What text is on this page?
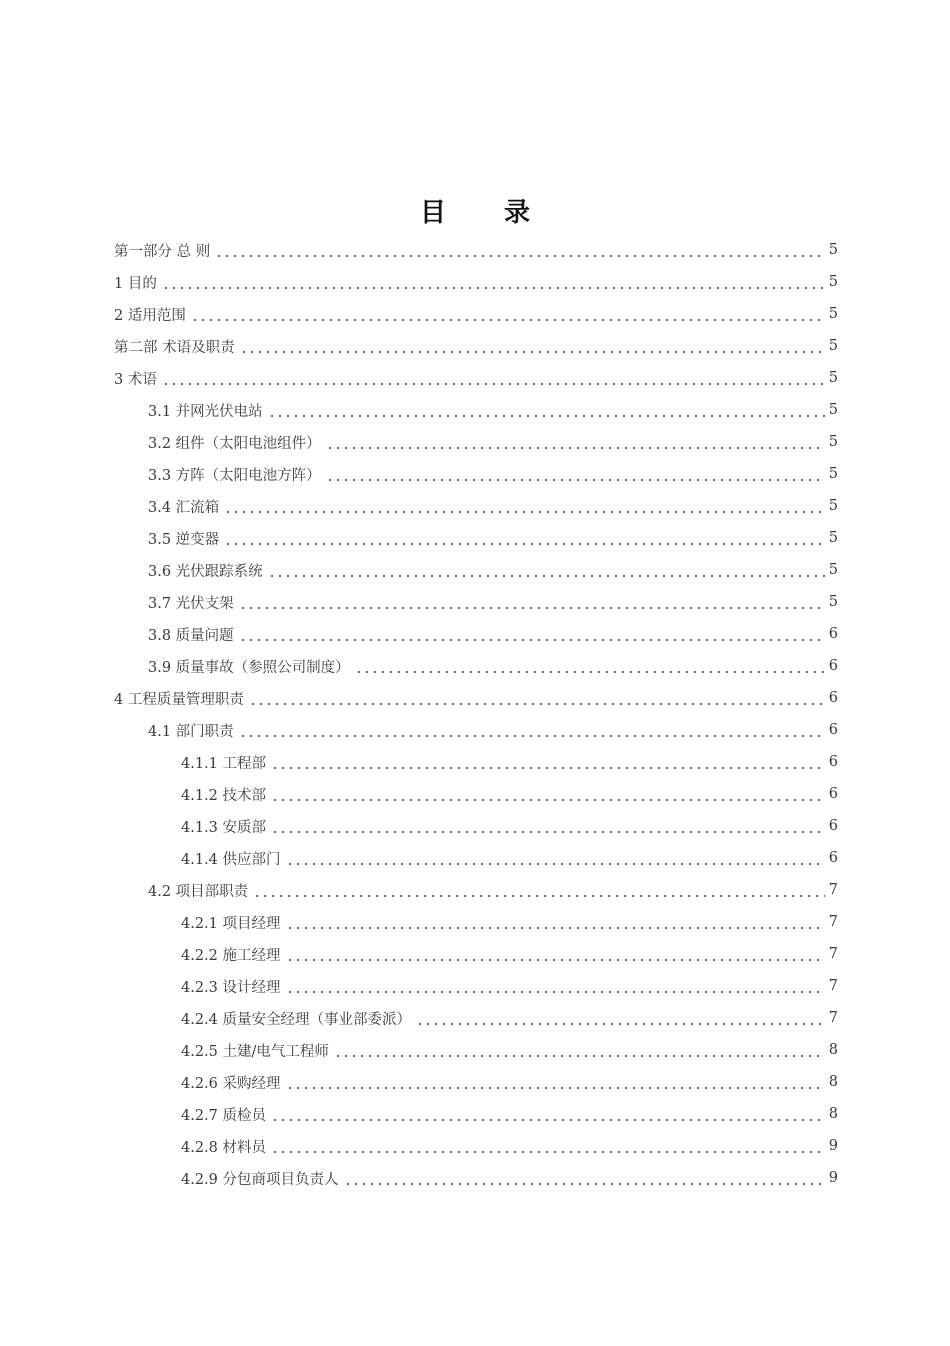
目 录
第一部分 总 则	5
1 目的	5
2 适用范围	5
第二部 术语及职责	5
3 术语	5
3.1 并网光伏电站	5
3.2 组件（太阳电池组件）	5
3.3 方阵（太阳电池方阵）	5
3.4 汇流箱	5
3.5 逆变器	5
3.6 光伏跟踪系统	5
3.7 光伏支架	5
3.8 质量问题	6
3.9 质量事故（参照公司制度）	6
4 工程质量管理职责	6
4.1 部门职责	6
4.1.1 工程部	6
4.1.2 技术部	6
4.1.3 安质部	6
4.1.4 供应部门	6
4.2 项目部职责	7
4.2.1 项目经理	7
4.2.2 施工经理	7
4.2.3 设计经理	7
4.2.4 质量安全经理（事业部委派）	7
4.2.5 土建/电气工程师	8
4.2.6 采购经理	8
4.2.7 质检员	8
4.2.8 材料员	9
4.2.9 分包商项目负责人	9
